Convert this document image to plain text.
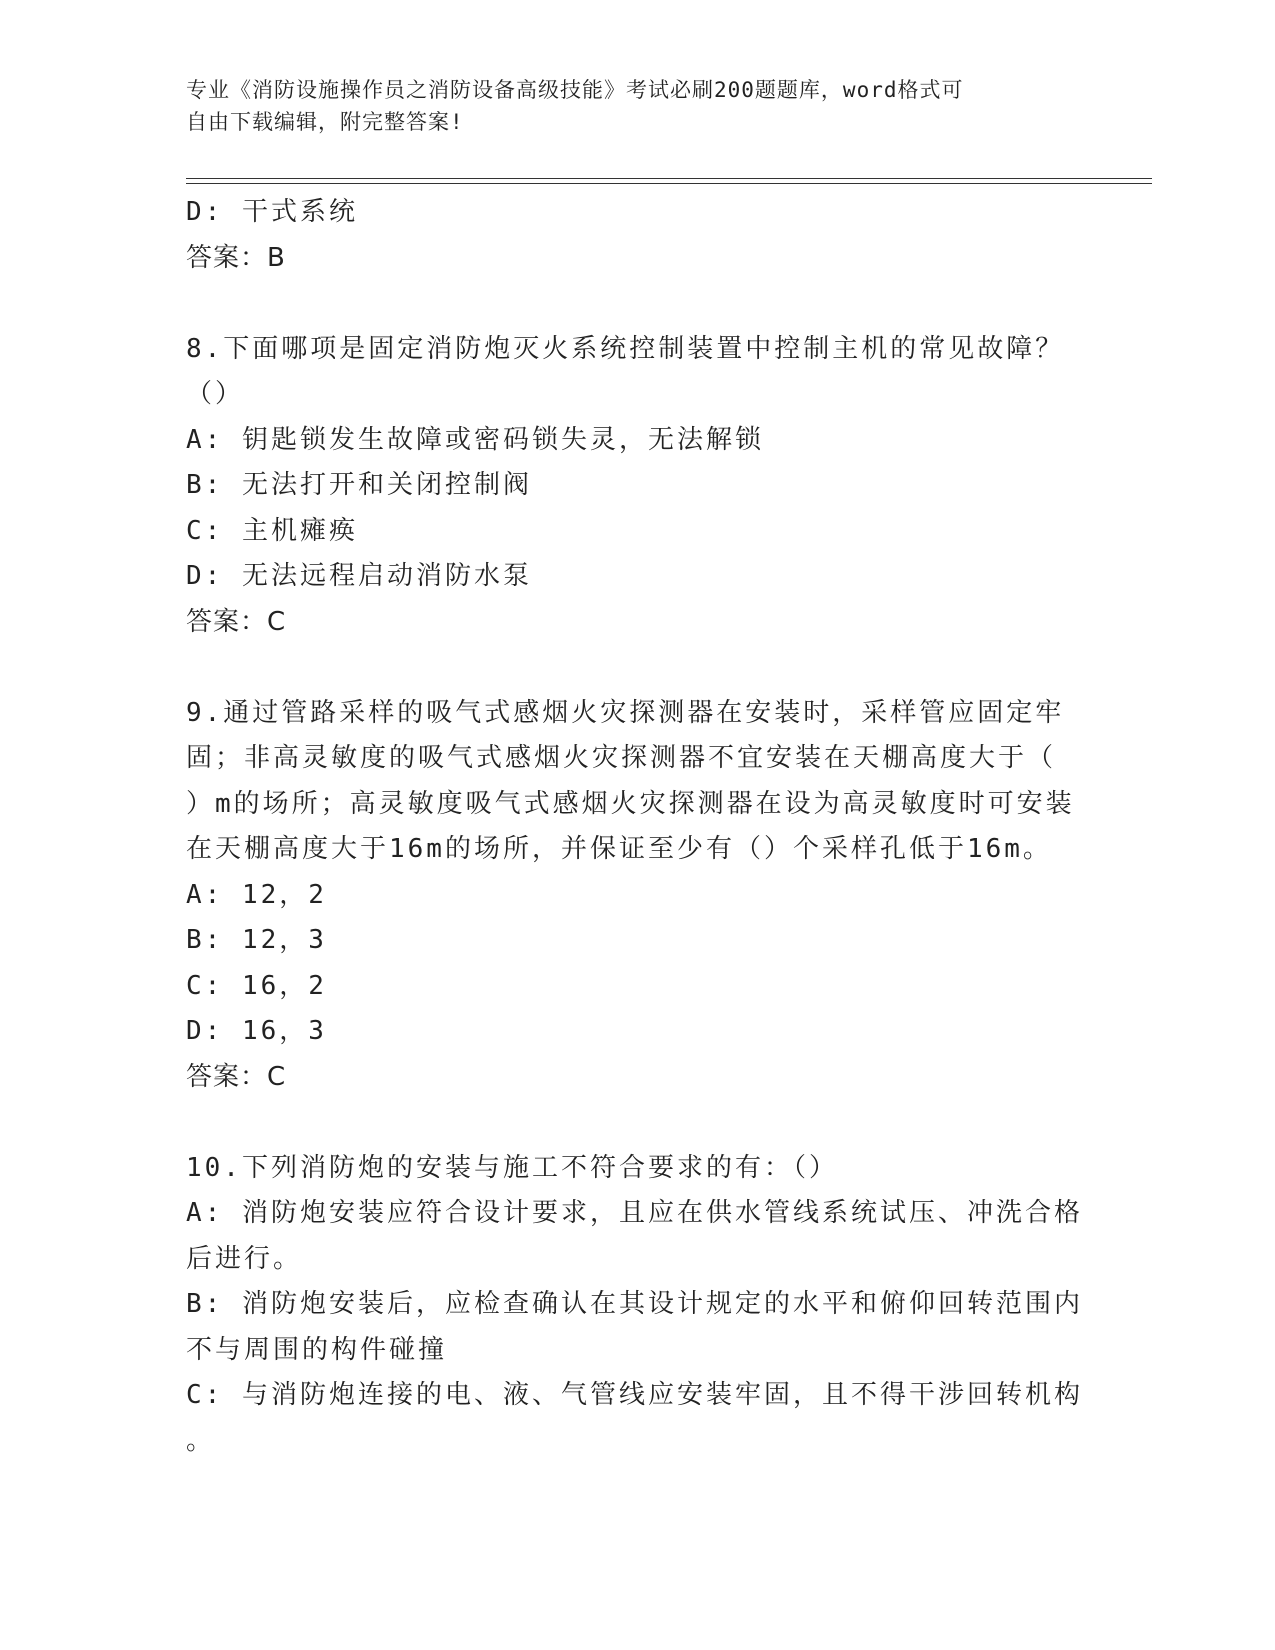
专业《消防设施操作员之消防设备高级技能》考试必刷200题题库，word格式可
自由下载编辑，附完整答案!
D: 干式系统
答案：B
8.下面哪项是固定消防炮灭火系统控制装置中控制主机的常见故障？
（）
A: 钥匙锁发生故障或密码锁失灵，无法解锁
B: 无法打开和关闭控制阀
C: 主机瘫痪
D: 无法远程启动消防水泵
答案：C
9.通过管路采样的吸气式感烟火灾探测器在安装时，采样管应固定牢
固；非高灵敏度的吸气式感烟火灾探测器不宜安装在天棚高度大于（
）m的场所；高灵敏度吸气式感烟火灾探测器在设为高灵敏度时可安装
在天棚高度大于16m的场所，并保证至少有（）个采样孔低于16m。
A: 12，2
B: 12，3
C: 16，2
D: 16，3
答案：C
10.下列消防炮的安装与施工不符合要求的有：（）
A: 消防炮安装应符合设计要求，且应在供水管线系统试压、冲洗合格
后进行。
B: 消防炮安装后，应检查确认在其设计规定的水平和俯仰回转范围内
不与周围的构件碰撞
C: 与消防炮连接的电、液、气管线应安装牢固，且不得干涉回转机构
。
